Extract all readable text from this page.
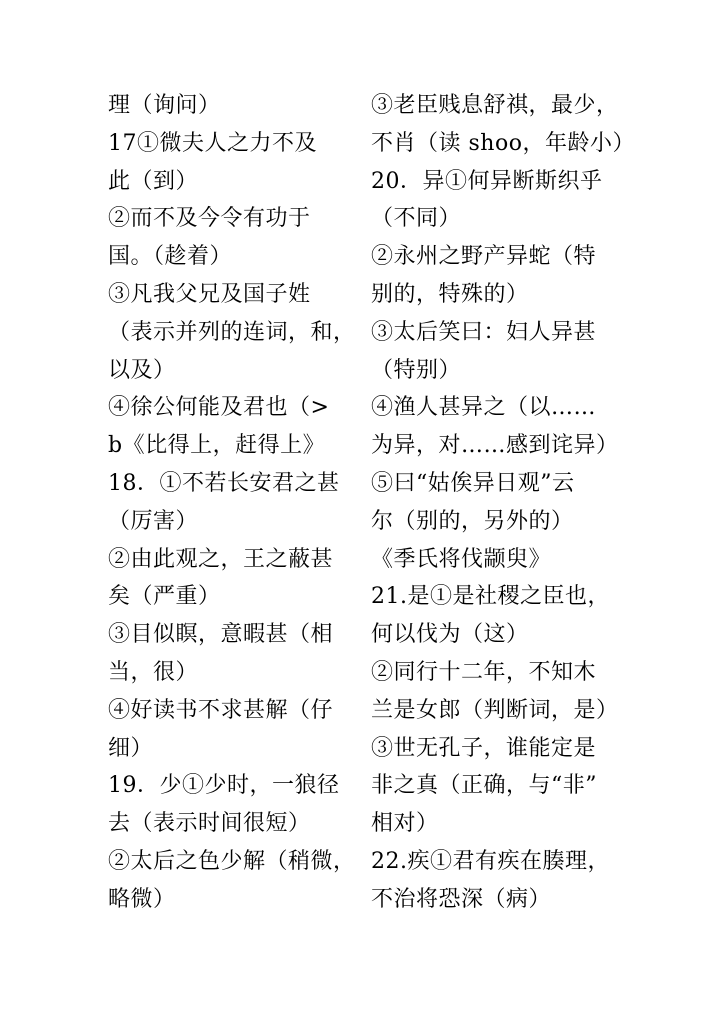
理（询问）
17①微夫人之力不及
此（到）
②而不及今令有功于
国。（趁着）
③凡我父兄及国子姓
（表示并列的连词，和，
以及）
④徐公何能及君也（>
b《比得上，赶得上》
18．①不若长安君之甚
（厉害）
②由此观之，王之蔽甚
矣（严重）
③目似瞑，意暇甚（相
当，很）
④好读书不求甚解（仔
细）
19．少①少时，一狼径
去（表示时间很短）
②太后之色少解（稍微，
略微）
③老臣贱息舒祺，最少，
不肖（读 shoo，年龄小）
20．异①何异断斯织乎
（不同）
②永州之野产异蛇（特
别的，特殊的）
③太后笑曰：妇人异甚
（特别）
④渔人甚异之（以……
为异，对……感到诧异）
⑤曰“姑俟异日观”云
尔（别的，另外的）
《季氏将伐颛臾》
21.是①是社稷之臣也，
何以伐为（这）
②同行十二年，不知木
兰是女郎（判断词，是）
③世无孔子，谁能定是
非之真（正确，与“非”
相对）
22.疾①君有疾在腠理，
不治将恐深（病）
